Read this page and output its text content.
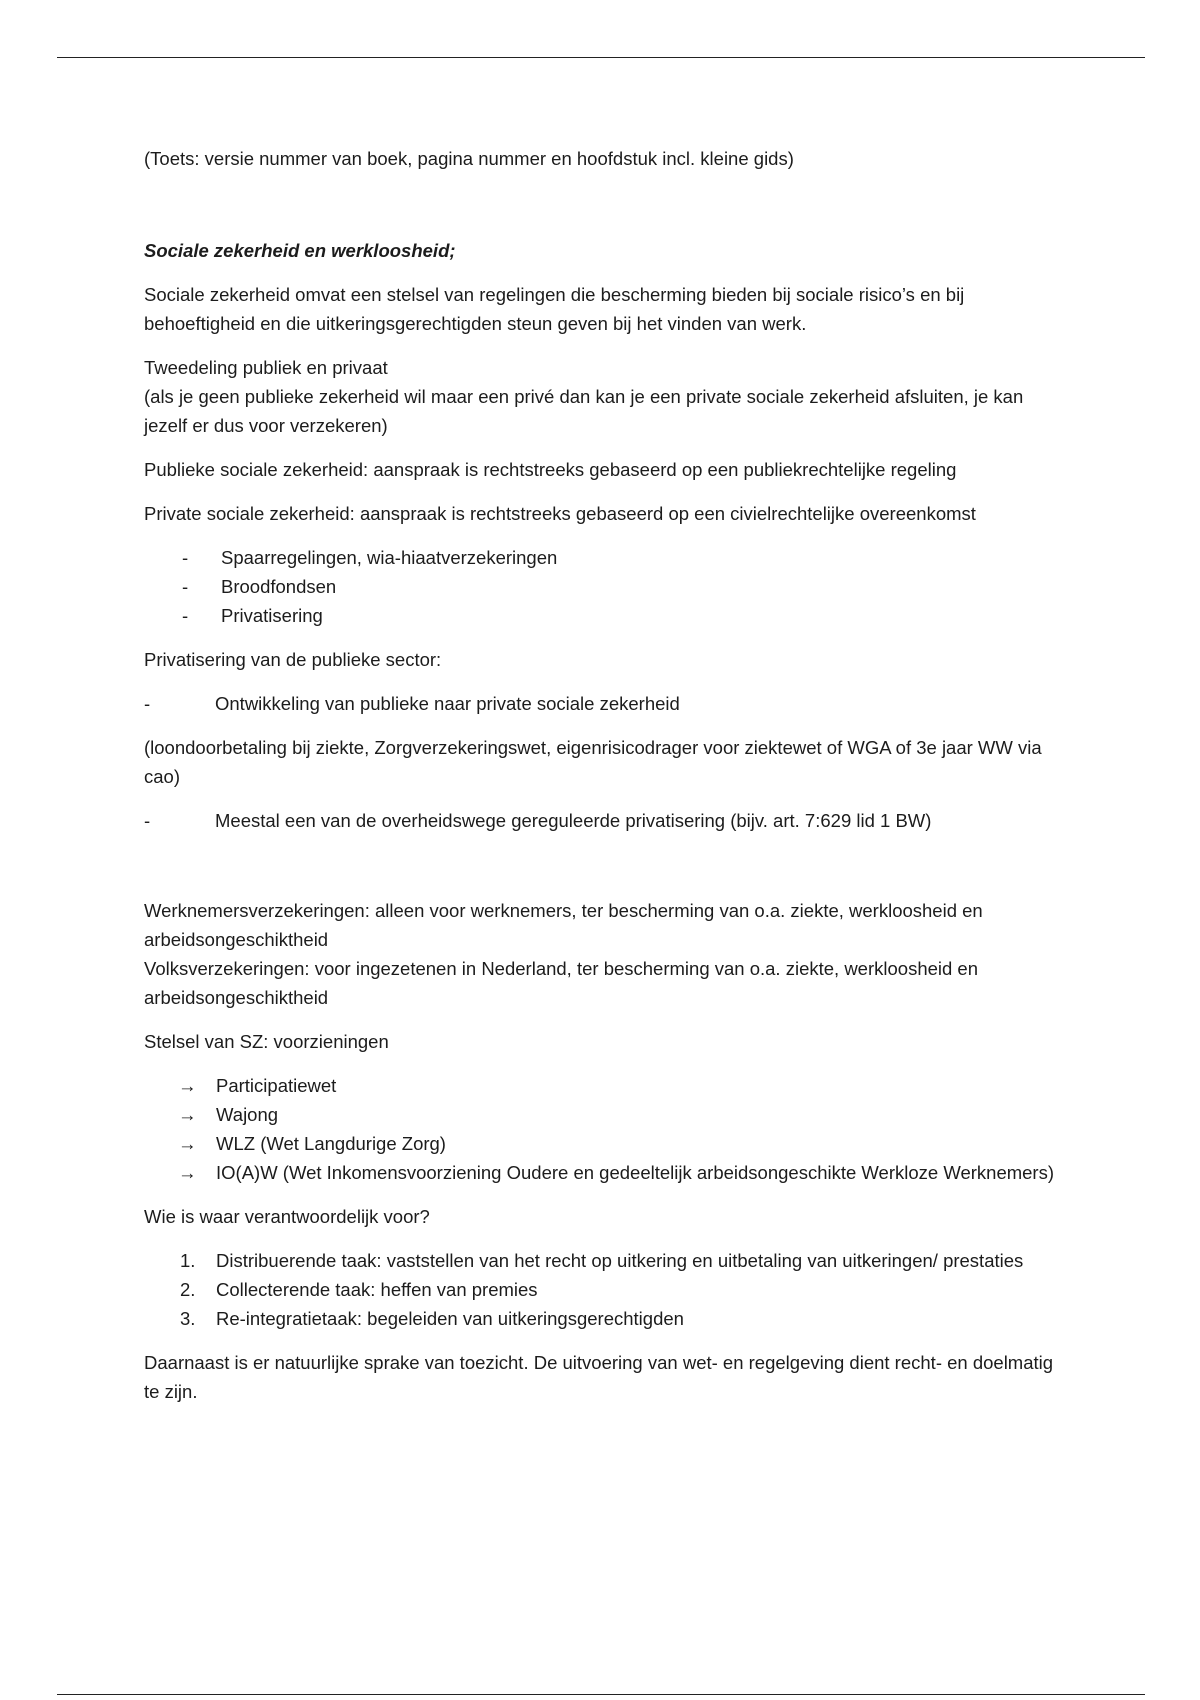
(Toets: versie nummer van boek, pagina nummer en hoofdstuk incl. kleine gids)

Sociale zekerheid en werkloosheid;

Sociale zekerheid omvat een stelsel van regelingen die bescherming bieden bij sociale risico’s en bij behoeftigheid en die uitkeringsgerechtigden steun geven bij het vinden van werk.

Tweedeling publiek en privaat

(als je geen publieke zekerheid wil maar een privé dan kan je een private sociale zekerheid afsluiten, je kan jezelf er dus voor verzekeren)

Publieke sociale zekerheid: aanspraak is rechtstreeks gebaseerd op een publiekrechtelijke regeling

Private sociale zekerheid: aanspraak is rechtstreeks gebaseerd op een civielrechtelijke overeenkomst

- Spaarregelingen, wia-hiaatverzekeringen
- Broodfondsen
- Privatisering

Privatisering van de publieke sector:

-	Ontwikkeling van publieke naar private sociale zekerheid

(loondoorbetaling bij ziekte, Zorgverzekeringswet, eigenrisicodrager voor ziektewet of WGA of 3e jaar WW via cao)

-	Meestal een van de overheidswege gereguleerde privatisering (bijv. art. 7:629 lid 1 BW)

Werknemersverzekeringen: alleen voor werknemers, ter bescherming van o.a. ziekte, werkloosheid en arbeidsongeschiktheid

Volksverzekeringen: voor ingezetenen in Nederland, ter bescherming van o.a. ziekte, werkloosheid en arbeidsongeschiktheid

Stelsel van SZ: voorzieningen

→ Participatiewet
→ Wajong
→ WLZ (Wet Langdurige Zorg)
→ IO(A)W (Wet Inkomensvoorziening Oudere en gedeeltelijk arbeidsongeschikte Werkloze Werknemers)

Wie is waar verantwoordelijk voor?

1. Distribuerende taak: vaststellen van het recht op uitkering en uitbetaling van uitkeringen/ prestaties
2. Collecterende taak: heffen van premies
3. Re-integratietaak: begeleiden van uitkeringsgerechtigden

Daarnaast is er natuurlijke sprake van toezicht. De uitvoering van wet- en regelgeving dient recht- en doelmatig te zijn.
